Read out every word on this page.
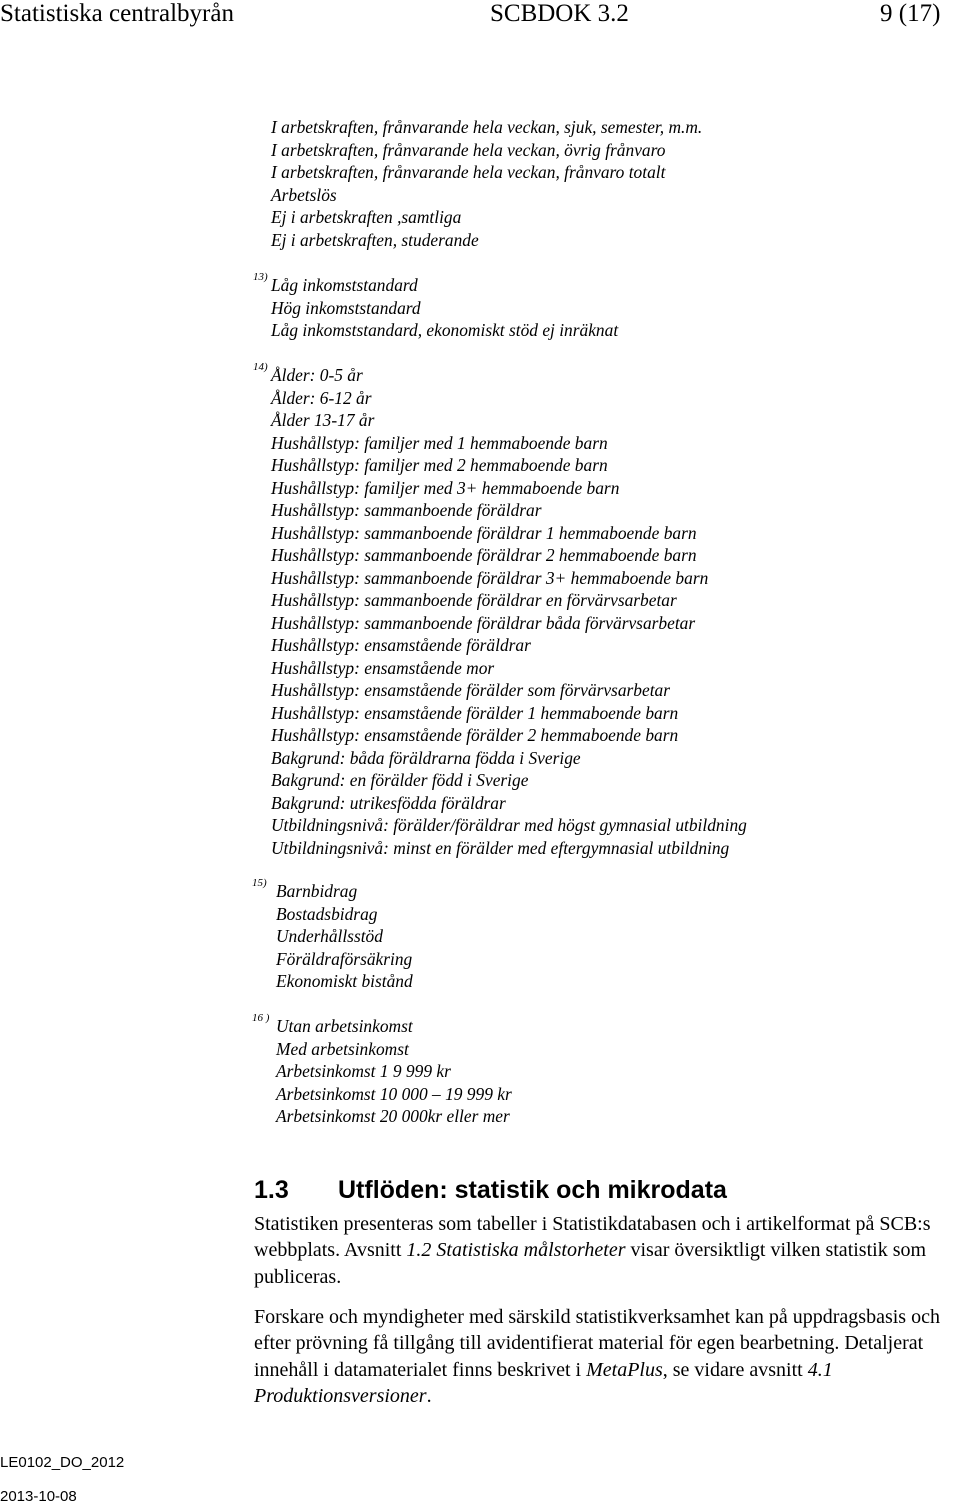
Statistiska centralbyrån	SCBDOK 3.2	9 (17)
I arbetskraften, frånvarande hela veckan, sjuk, semester, m.m.
I arbetskraften, frånvarande hela veckan, övrig frånvaro
I arbetskraften, frånvarande hela veckan, frånvaro totalt
Arbetslös
Ej i arbetskraften ,samtliga
Ej i arbetskraften, studerande
Låg inkomststandard
Hög inkomststandard
Låg inkomststandard, ekonomiskt stöd ej inräknat
13)
Ålder: 0-5 år
Ålder: 6-12 år
Ålder 13-17 år
Hushållstyp: familjer med 1 hemmaboende barn
Hushållstyp: familjer med 2 hemmaboende barn
Hushållstyp: familjer med 3+ hemmaboende barn
Hushållstyp: sammanboende föräldrar
Hushållstyp: sammanboende föräldrar 1 hemmaboende barn
Hushållstyp: sammanboende föräldrar 2 hemmaboende barn
Hushållstyp: sammanboende föräldrar 3+ hemmaboende barn
Hushållstyp: sammanboende föräldrar en förvärvsarbetar
Hushållstyp: sammanboende föräldrar båda förvärvsarbetar
Hushållstyp: ensamstående föräldrar
Hushållstyp: ensamstående mor
Hushållstyp: ensamstående förälder som förvärvsarbetar
Hushållstyp: ensamstående förälder 1 hemmaboende barn
Hushållstyp: ensamstående förälder 2 hemmaboende barn
Bakgrund: båda föräldrarna födda i Sverige
Bakgrund: en förälder född i Sverige
Bakgrund: utrikesfödda föräldrar
Utbildningsnivå: förälder/föräldrar med högst gymnasial utbildning
Utbildningsnivå: minst en förälder med eftergymnasial utbildning
14)
Barnbidrag
Bostadsbidrag
Underhållsstöd
Föräldraförsäkring
Ekonomiskt bistånd
15)
Utan arbetsinkomst
Med arbetsinkomst
Arbetsinkomst 1 9 999 kr
Arbetsinkomst 10 000 – 19 999 kr
Arbetsinkomst 20 000kr eller mer
16 )
1.3 Utflöden: statistik och mikrodata

Statistiken presenteras som tabeller i Statistikdatabasen och i artikelformat på SCB:s webbplats. Avsnitt 1.2 Statistiska målstorheter visar översiktligt vilken statistik som publiceras.

Forskare och myndigheter med särskild statistikverksamhet kan på uppdragsbasis och efter prövning få tillgång till avidentifierat material för egen bearbetning. Detaljerat innehåll i datamaterialet finns beskrivet i MetaPlus, se vidare avsnitt 4.1 Produktionsversioner.

LE0102_DO_2012
2013-10-08
